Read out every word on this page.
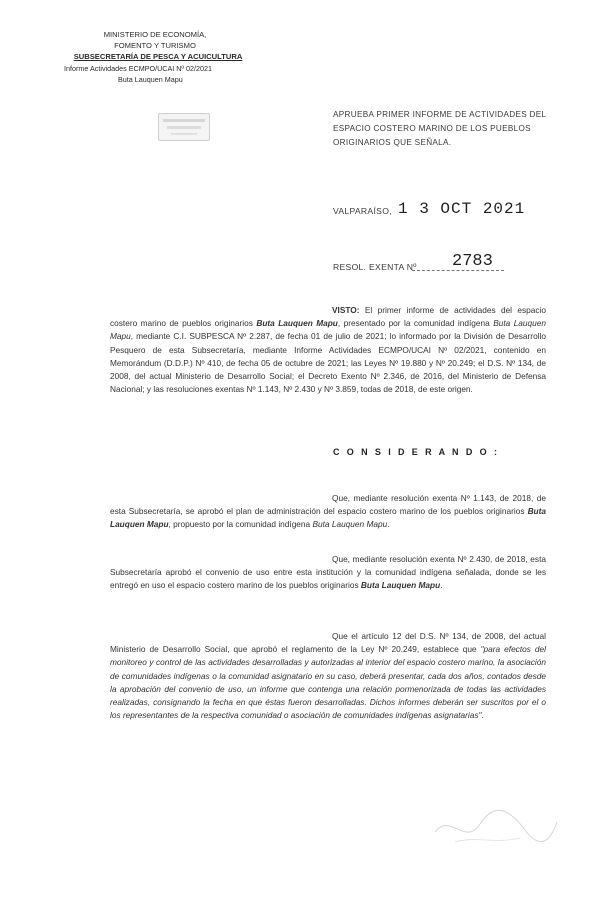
MINISTERIO DE ECONOMÍA,
FOMENTO Y TURISMO
SUBSECRETARÍA DE PESCA Y ACUICULTURA
Informe Actividades ECMPO/UCAI Nº 02/2021
Buta Lauquen Mapu
APRUEBA PRIMER INFORME DE ACTIVIDADES DEL
ESPACIO COSTERO MARINO DE LOS PUEBLOS
ORIGINARIOS QUE SEÑALA.
VALPARAÍSO, 1 3 OCT 2021
RESOL. EXENTA Nº 2783
VISTO: El primer informe de actividades del espacio costero marino de pueblos originarios Buta Lauquen Mapu, presentado por la comunidad indígena Buta Lauquen Mapu, mediante C.I. SUBPESCA Nº 2.287, de fecha 01 de julio de 2021; lo informado por la División de Desarrollo Pesquero de esta Subsecretaría, mediante Informe Actividades ECMPO/UCAI Nº 02/2021, contenido en Memorándum (D.D.P.) Nº 410, de fecha 05 de octubre de 2021; las Leyes Nº 19.880 y Nº 20.249; el D.S. Nº 134, de 2008, del actual Ministerio de Desarrollo Social; el Decreto Exento Nº 2.346, de 2016, del Ministerio de Defensa Nacional; y las resoluciones exentas Nº 1.143, Nº 2.430 y Nº 3.859, todas de 2018, de este origen.
C O N S I D E R A N D O :
Que, mediante resolución exenta Nº 1.143, de 2018, de esta Subsecretaría, se aprobó el plan de administración del espacio costero marino de los pueblos originarios Buta Lauquen Mapu, propuesto por la comunidad indígena Buta Lauquen Mapu.
Que, mediante resolución exenta Nº 2.430, de 2018, esta Subsecretaría aprobó el convenio de uso entre esta institución y la comunidad indígena señalada, donde se les entregó en uso el espacio costero marino de los pueblos originarios Buta Lauquen Mapu.
Que el artículo 12 del D.S. Nº 134, de 2008, del actual Ministerio de Desarrollo Social, que aprobó el reglamento de la Ley Nº 20.249, establece que "para efectos del monitoreo y control de las actividades desarrolladas y autorizadas al interior del espacio costero marino, la asociación de comunidades indígenas o la comunidad asignatario en su caso, deberá presentar, cada dos años, contados desde la aprobación del convenio de uso, un informe que contenga una relación pormenorizada de todas las actividades realizadas, consignando la fecha en que éstas fueron desarrolladas. Dichos informes deberán ser suscritos por el o los representantes de la respectiva comunidad o asociación de comunidades indígenas asignatarias".
